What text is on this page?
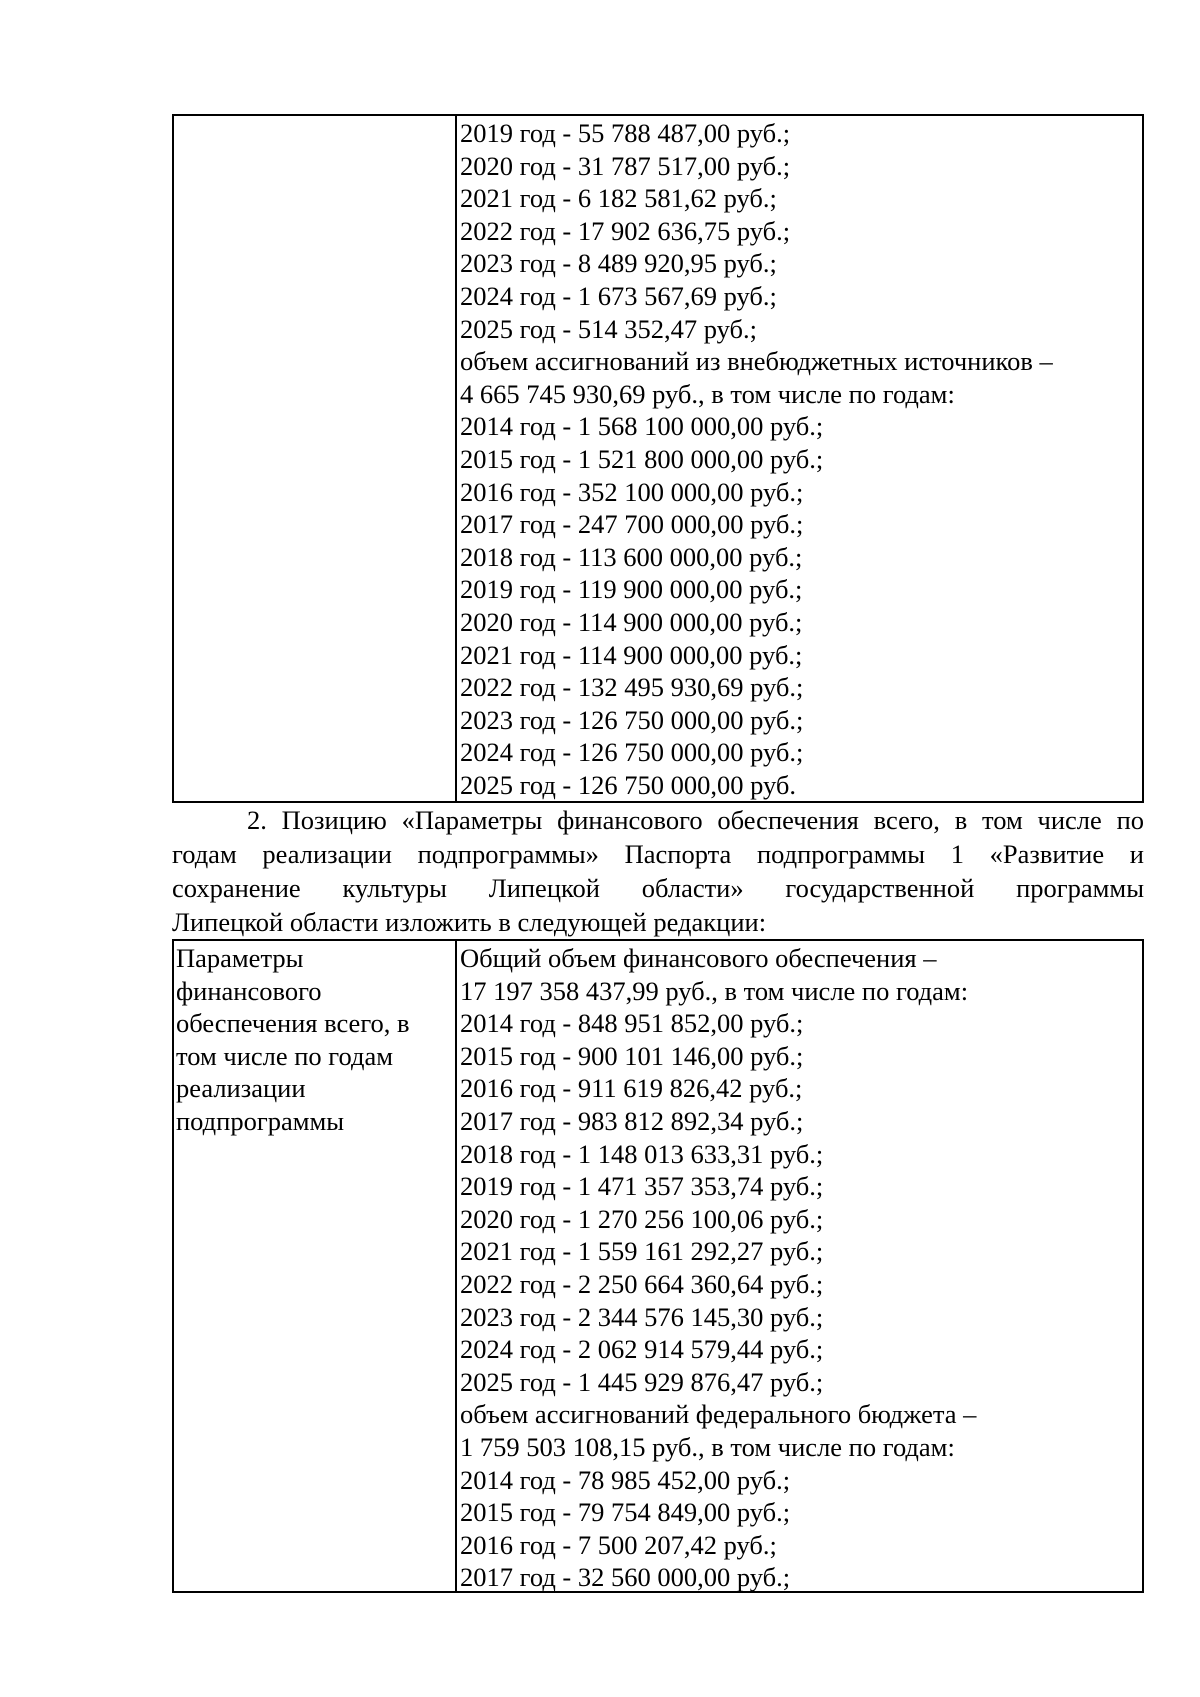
2019 год - 55 788 487,00 руб.;
2020 год - 31 787 517,00 руб.;
2021 год - 6 182 581,62 руб.;
2022 год - 17 902 636,75 руб.;
2023 год - 8 489 920,95 руб.;
2024 год - 1 673 567,69 руб.;
2025 год - 514 352,47 руб.;
объем ассигнований из внебюджетных источников –
4 665 745 930,69 руб., в том числе по годам:
2014 год - 1 568 100 000,00 руб.;
2015 год - 1 521 800 000,00 руб.;
2016 год - 352 100 000,00 руб.;
2017 год - 247 700 000,00 руб.;
2018 год - 113 600 000,00 руб.;
2019 год - 119 900 000,00 руб.;
2020 год - 114 900 000,00 руб.;
2021 год - 114 900 000,00 руб.;
2022 год - 132 495 930,69 руб.;
2023 год - 126 750 000,00 руб.;
2024 год - 126 750 000,00 руб.;
2025 год - 126 750 000,00 руб.
2. Позицию «Параметры финансового обеспечения всего, в том числе по
годам реализации подпрограммы» Паспорта подпрограммы 1 «Развитие и
сохранение культуры Липецкой области» государственной программы
Липецкой области изложить в следующей редакции:
Параметры
финансового
обеспечения всего, в
том числе по годам
реализации
подпрограммы
Общий объем финансового обеспечения –
17 197 358 437,99 руб., в том числе по годам:
2014 год - 848 951 852,00 руб.;
2015 год - 900 101 146,00 руб.;
2016 год - 911 619 826,42 руб.;
2017 год - 983 812 892,34 руб.;
2018 год - 1 148 013 633,31 руб.;
2019 год - 1 471 357 353,74 руб.;
2020 год - 1 270 256 100,06 руб.;
2021 год - 1 559 161 292,27 руб.;
2022 год - 2 250 664 360,64 руб.;
2023 год - 2 344 576 145,30 руб.;
2024 год - 2 062 914 579,44 руб.;
2025 год - 1 445 929 876,47 руб.;
объем ассигнований федерального бюджета –
1 759 503 108,15 руб., в том числе по годам:
2014 год - 78 985 452,00 руб.;
2015 год - 79 754 849,00 руб.;
2016 год - 7 500 207,42 руб.;
2017 год - 32 560 000,00 руб.;
